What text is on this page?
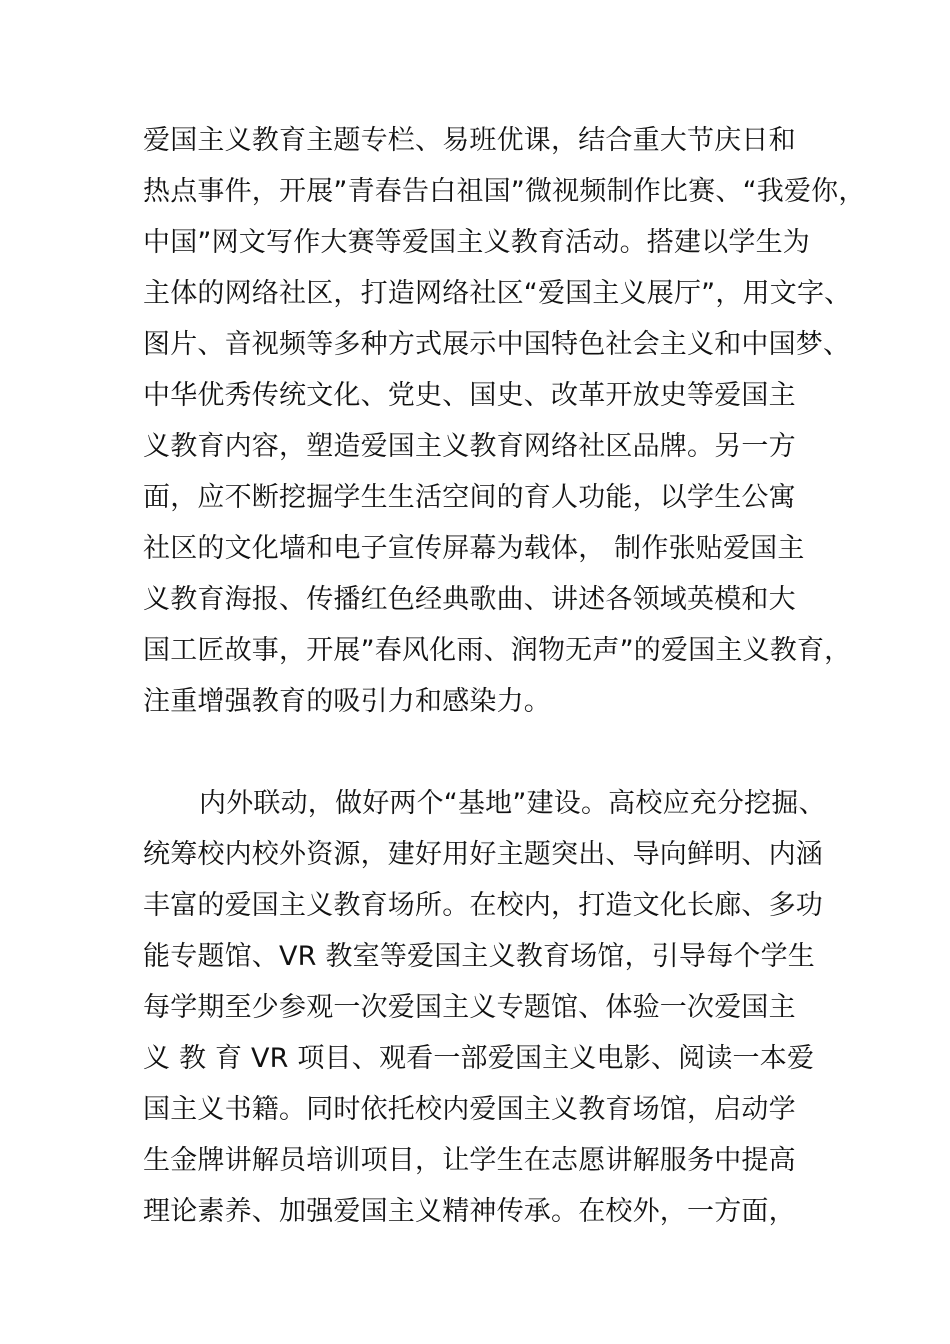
爱国主义教育主题专栏、易班优课，结合重大节庆日和
热点事件，开展”青春告白祖国”微视频制作比赛、“我爱你，
中国”网文写作大赛等爱国主义教育活动。搭建以学生为
主体的网络社区，打造网络社区“爱国主义展厅”，用文字、
图片、音视频等多种方式展示中国特色社会主义和中国梦、
中华优秀传统文化、党史、国史、改革开放史等爱国主
义教育内容，塑造爱国主义教育网络社区品牌。另一方
面，应不断挖掘学生生活空间的育人功能，以学生公寓
社区的文化墙和电子宣传屏幕为载体， 制作张贴爱国主
义教育海报、传播红色经典歌曲、讲述各领域英模和大
国工匠故事，开展”春风化雨、润物无声”的爱国主义教育，
注重增强教育的吸引力和感染力。
内外联动，做好两个“基地”建设。高校应充分挖掘、
统筹校内校外资源，建好用好主题突出、导向鲜明、内涵
丰富的爱国主义教育场所。在校内，打造文化长廊、多功
能专题馆、VR 教室等爱国主义教育场馆，引导每个学生
每学期至少参观一次爱国主义专题馆、体验一次爱国主
义 教 育 VR 项目、观看一部爱国主义电影、阅读一本爱
国主义书籍。同时依托校内爱国主义教育场馆，启动学
生金牌讲解员培训项目，让学生在志愿讲解服务中提高
理论素养、加强爱国主义精神传承。在校外，一方面，
